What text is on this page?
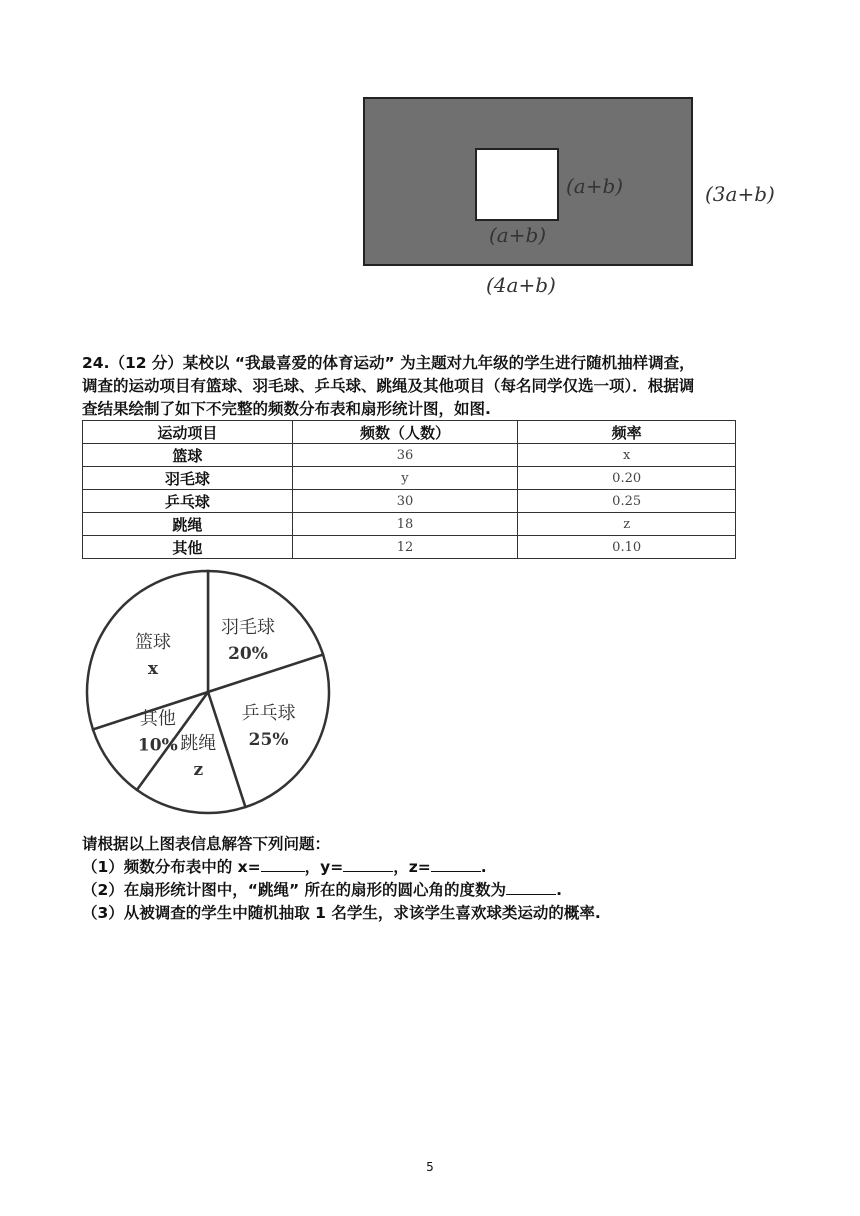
(a+b)
(a+b)
(3a+b)
(4a+b)
24.（12 分）某校以 “我最喜爱的体育运动” 为主题对九年级的学生进行随机抽样调查，
调查的运动项目有篮球、羽毛球、乒乓球、跳绳及其他项目（每名同学仅选一项）．根据调
查结果绘制了如下不完整的频数分布表和扇形统计图，如图.
运动项目	频数（人数）	频率
篮球	36	x
羽毛球	y	0.20
乒乓球	30	0.25
跳绳	18	z
其他	12	0.10
羽毛球
20%
乒乓球
25%
跳绳
z
其他
10%
篮球
x
请根据以上图表信息解答下列问题：
（1）频数分布表中的 x=	，y=	，z=	.
（2）在扇形统计图中，“跳绳” 所在的扇形的圆心角的度数为	.
（3）从被调查的学生中随机抽取 1 名学生，求该学生喜欢球类运动的概率.
5
